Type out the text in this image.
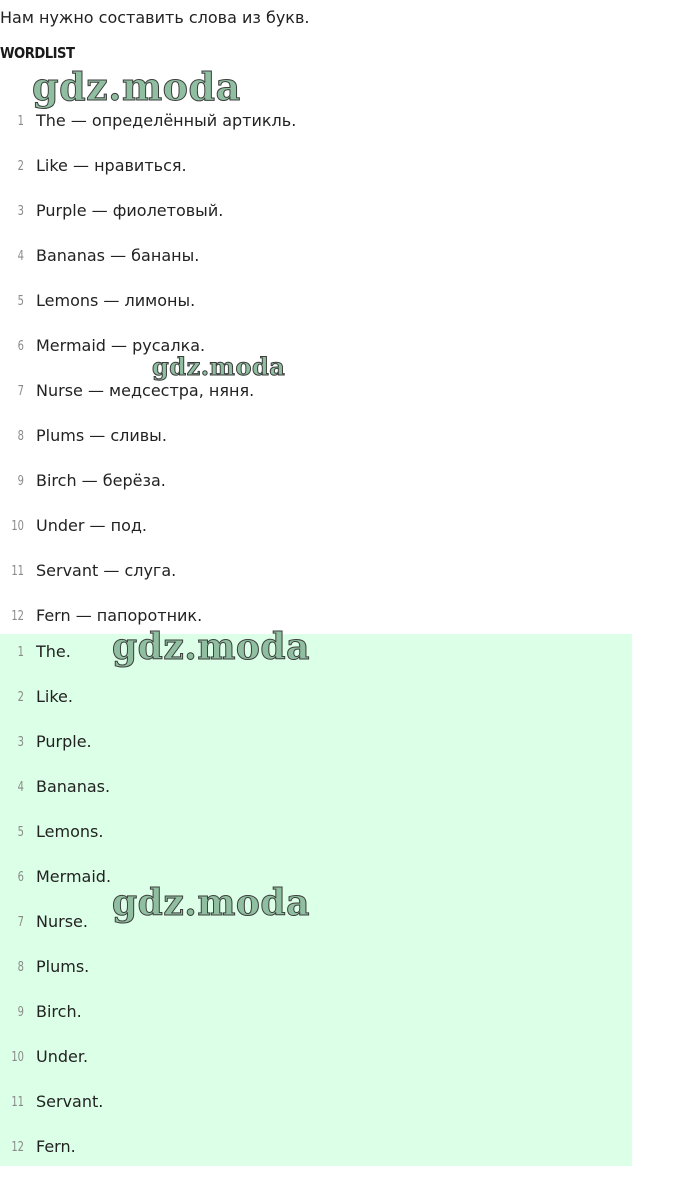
Нам нужно составить слова из букв.
WORDLIST
1 The — определённый артикль.
2 Like — нравиться.
3 Purple — фиолетовый.
4 Bananas — бананы.
5 Lemons — лимоны.
6 Mermaid — русалка.
7 Nurse — медсестра, няня.
8 Plums — сливы.
9 Birch — берёза.
10 Under — под.
11 Servant — слуга.
12 Fern — папоротник.
1 The.
2 Like.
3 Purple.
4 Bananas.
5 Lemons.
6 Mermaid.
7 Nurse.
8 Plums.
9 Birch.
10 Under.
11 Servant.
12 Fern.
gdz.moda
gdz.moda
gdz.moda
gdz.moda
